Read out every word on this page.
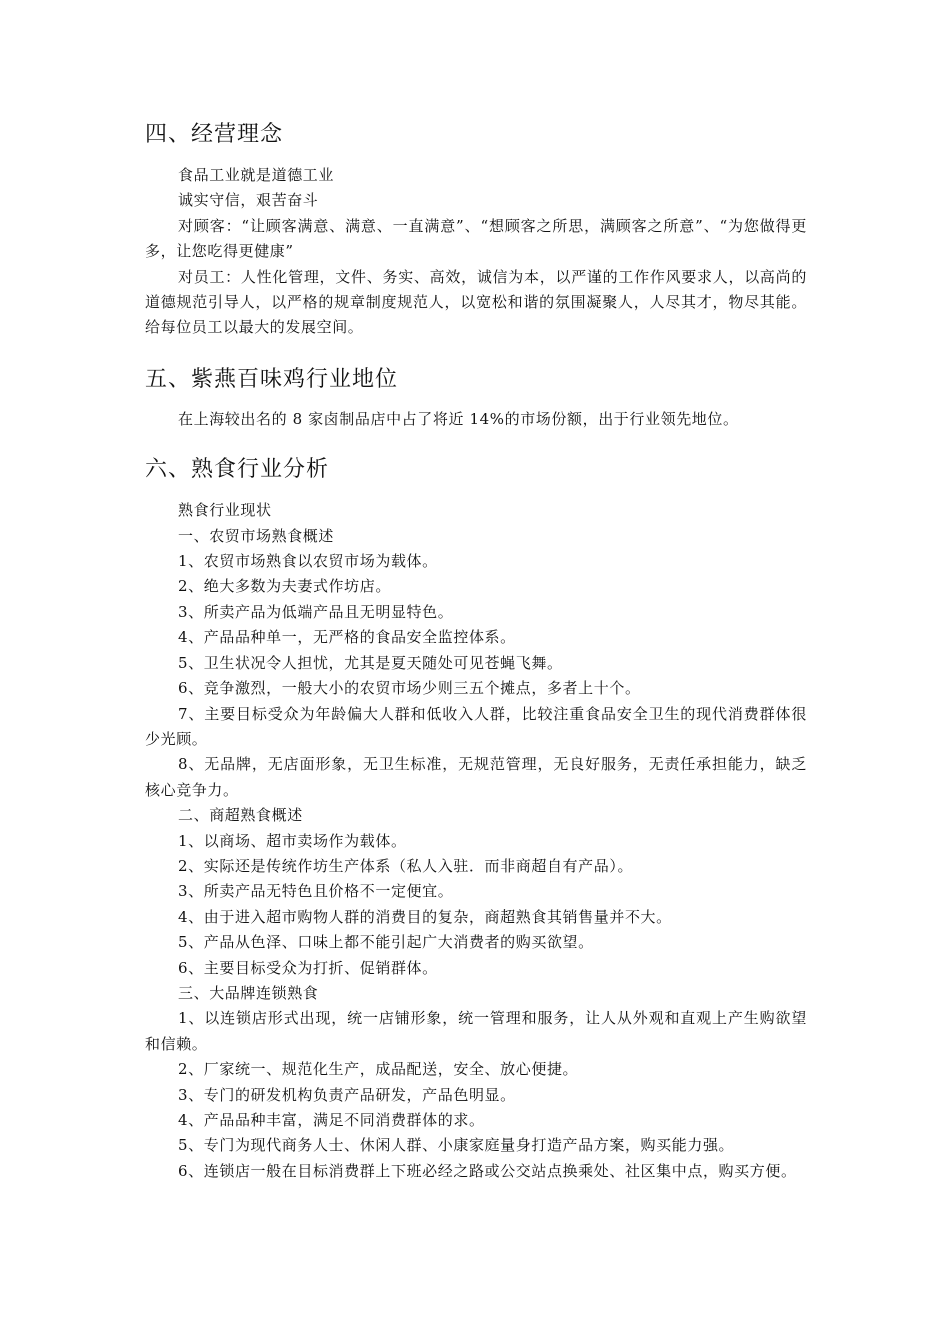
四、经营理念

食品工业就是道德工业

诚实守信，艰苦奋斗

对顾客：“让顾客满意、满意、一直满意”、“想顾客之所思，满顾客之所意”、“为您做得更多，让您吃得更健康”

对员工：人性化管理，文件、务实、高效，诚信为本，以严谨的工作作风要求人，以高尚的道德规范引导人，以严格的规章制度规范人，以宽松和谐的氛围凝聚人，人尽其才，物尽其能。给每位员工以最大的发展空间。

五、紫燕百味鸡行业地位

在上海较出名的 8 家卤制品店中占了将近 14%的市场份额，出于行业领先地位。

六、熟食行业分析

熟食行业现状

一、农贸市场熟食概述

1、农贸市场熟食以农贸市场为载体。

2、绝大多数为夫妻式作坊店。

3、所卖产品为低端产品且无明显特色。

4、产品品种单一，无严格的食品安全监控体系。

5、卫生状况令人担忧，尤其是夏天随处可见苍蝇飞舞。

6、竞争激烈，一般大小的农贸市场少则三五个摊点，多者上十个。

7、主要目标受众为年龄偏大人群和低收入人群，比较注重食品安全卫生的现代消费群体很少光顾。

8、无品牌，无店面形象，无卫生标准，无规范管理，无良好服务，无责任承担能力，缺乏核心竞争力。

二、商超熟食概述

1、以商场、超市卖场作为载体。

2、实际还是传统作坊生产体系（私人入驻．而非商超自有产品）。

3、所卖产品无特色且价格不一定便宜。

4、由于进入超市购物人群的消费目的复杂，商超熟食其销售量并不大。

5、产品从色泽、口味上都不能引起广大消费者的购买欲望。

6、主要目标受众为打折、促销群体。

三、大品牌连锁熟食

1、以连锁店形式出现，统一店铺形象，统一管理和服务，让人从外观和直观上产生购欲望和信赖。

2、厂家统一、规范化生产，成品配送，安全、放心便捷。

3、专门的研发机构负责产品研发，产品色明显。

4、产品品种丰富，满足不同消费群体的求。

5、专门为现代商务人士、休闲人群、小康家庭量身打造产品方案，购买能力强。

6、连锁店一般在目标消费群上下班必经之路或公交站点换乘处、社区集中点，购买方便。
